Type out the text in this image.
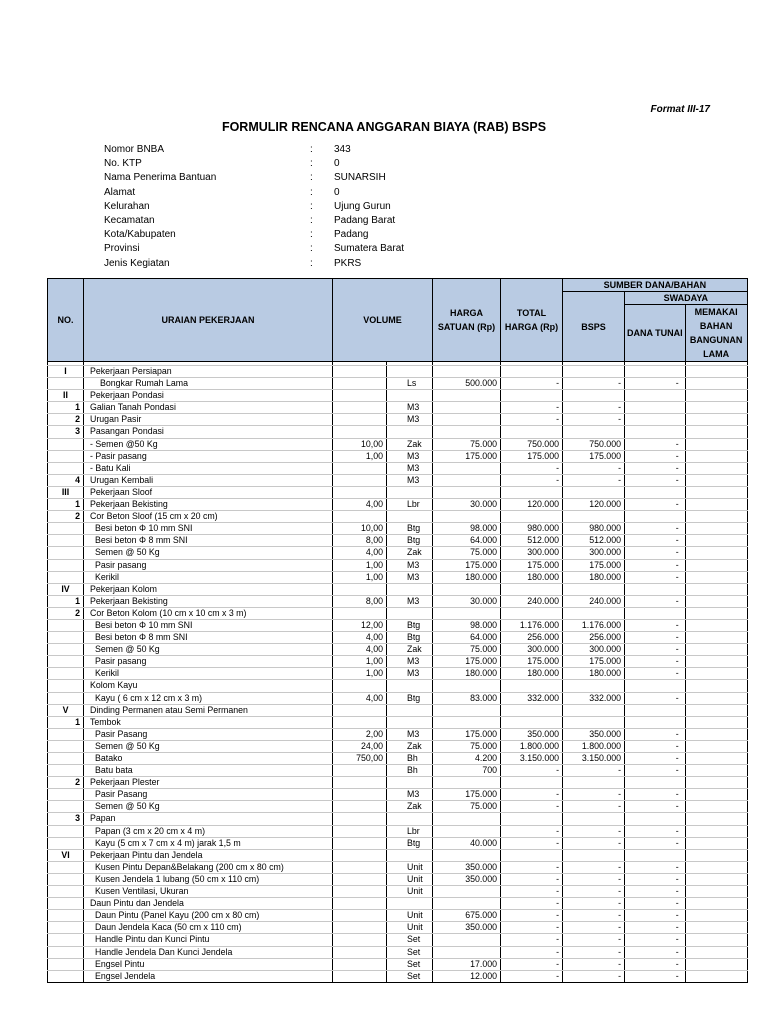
Format III-17
FORMULIR RENCANA ANGGARAN BIAYA (RAB) BSPS
Nomor BNBA	: 343
No. KTP	: 0
Nama Penerima Bantuan	: SUNARSIH
Alamat	: 0
Kelurahan	: Ujung Gurun
Kecamatan	: Padang Barat
Kota/Kabupaten	: Padang
Provinsi	: Sumatera Barat
Jenis Kegiatan	: PKRS
NO.	URAIAN PEKERJAAN	VOLUME		HARGA SATUAN (Rp)	TOTAL HARGA (Rp)	SUMBER DANA/BAHAN		
						BSPS	SWADAYA	
							DANA TUNAI	MEMAKAI BAHAN BANGUNAN LAMA

I	Pekerjaan Persiapan							
	Bongkar Rumah Lama		Ls	500.000	-	-	-	
II	Pekerjaan Pondasi							
1	Galian Tanah Pondasi		M3		-	-		
2	Urugan Pasir		M3		-	-		
3	Pasangan Pondasi							
	- Semen @50 Kg	10,00	Zak	75.000	750.000	750.000	-	
	- Pasir pasang	1,00	M3	175.000	175.000	175.000	-	
	- Batu Kali		M3		-	-	-	
4	Urugan Kembali		M3		-	-	-	
III	Pekerjaan Sloof							
1	Pekerjaan Bekisting	4,00	Lbr	30.000	120.000	120.000	-	
2	Cor Beton Sloof (15 cm x 20 cm)							
	Besi beton Φ 10 mm SNI	10,00	Btg	98.000	980.000	980.000	-	
	Besi beton Φ 8 mm SNI	8,00	Btg	64.000	512.000	512.000	-	
	Semen @ 50 Kg	4,00	Zak	75.000	300.000	300.000	-	
	Pasir pasang	1,00	M3	175.000	175.000	175.000	-	
	Kerikil	1,00	M3	180.000	180.000	180.000	-	
IV	Pekerjaan Kolom							
1	Pekerjaan Bekisting	8,00	M3	30.000	240.000	240.000	-	
2	Cor Beton Kolom (10 cm x 10 cm x 3 m)							
	Besi beton Φ 10 mm SNI	12,00	Btg	98.000	1.176.000	1.176.000	-	
	Besi beton Φ 8 mm SNI	4,00	Btg	64.000	256.000	256.000	-	
	Semen @ 50 Kg	4,00	Zak	75.000	300.000	300.000	-	
	Pasir pasang	1,00	M3	175.000	175.000	175.000	-	
	Kerikil	1,00	M3	180.000	180.000	180.000	-	
	Kolom Kayu							
	Kayu ( 6 cm x 12 cm x 3 m)	4,00	Btg	83.000	332.000	332.000	-	
V	Dinding Permanen atau Semi Permanen							
1	Tembok							
	Pasir Pasang	2,00	M3	175.000	350.000	350.000	-	
	Semen @ 50 Kg	24,00	Zak	75.000	1.800.000	1.800.000	-	
	Batako	750,00	Bh	4.200	3.150.000	3.150.000	-	
	Batu bata		Bh	700	-	-	-	
2	Pekerjaan Plester							
	Pasir Pasang		M3	175.000	-	-	-	
	Semen @ 50 Kg		Zak	75.000	-	-	-	
3	Papan							
	Papan (3 cm x 20 cm x 4 m)		Lbr		-	-	-	
	Kayu (5 cm x 7 cm x 4 m) jarak 1,5 m		Btg	40.000	-	-	-	
VI	Pekerjaan Pintu dan Jendela							
	Kusen Pintu Depan&Belakang (200 cm x 80 cm)		Unit	350.000	-	-	-	
	Kusen Jendela 1 lubang (50 cm x 110 cm)		Unit	350.000	-	-	-	
	Kusen Ventilasi, Ukuran		Unit		-	-	-	
	Daun Pintu dan Jendela				-	-	-	
	Daun Pintu (Panel Kayu (200 cm x 80 cm)		Unit	675.000	-	-	-	
	Daun Jendela Kaca (50 cm x 110 cm)		Unit	350.000	-	-	-	
	Handle Pintu dan Kunci Pintu		Set		-	-	-	
	Handle Jendela Dan Kunci Jendela		Set		-	-	-	
	Engsel Pintu		Set	17.000	-	-	-	
	Engsel Jendela		Set	12.000	-	-	-	
